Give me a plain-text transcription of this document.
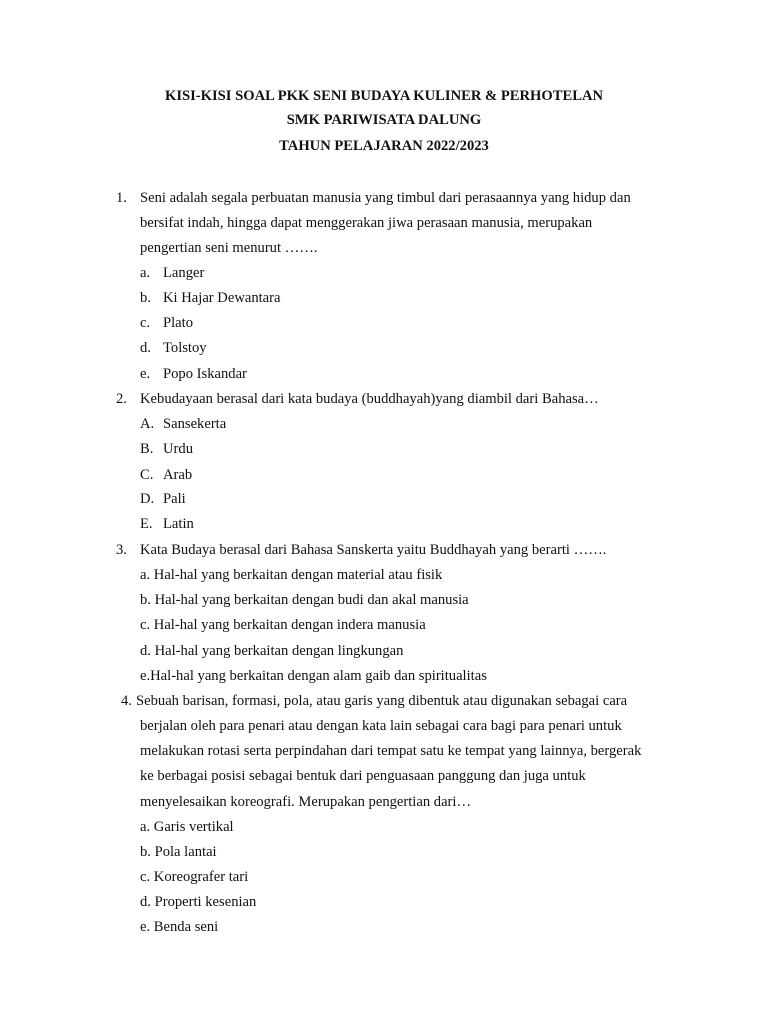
KISI-KISI SOAL PKK SENI BUDAYA KULINER & PERHOTELAN
SMK PARIWISATA DALUNG
TAHUN PELAJARAN 2022/2023
1. Seni adalah segala perbuatan manusia yang timbul dari perasaannya yang hidup dan
bersifat indah, hingga dapat menggerakan jiwa perasaan manusia, merupakan
pengertian seni menurut …….
a. Langer
b. Ki Hajar Dewantara
c. Plato
d. Tolstoy
e. Popo Iskandar
2. Kebudayaan berasal dari kata budaya (buddhayah)yang diambil dari Bahasa…
A. Sansekerta
B. Urdu
C. Arab
D. Pali
E. Latin
3. Kata Budaya berasal dari Bahasa Sanskerta yaitu Buddhayah yang berarti …….
a. Hal-hal yang berkaitan dengan material atau fisik
b. Hal-hal yang berkaitan dengan budi dan akal manusia
c. Hal-hal yang berkaitan dengan indera manusia
d. Hal-hal yang berkaitan dengan lingkungan
e.Hal-hal yang berkaitan dengan alam gaib dan spiritualitas
4. Sebuah barisan, formasi, pola, atau garis yang dibentuk atau digunakan sebagai cara
berjalan oleh para penari atau dengan kata lain sebagai cara bagi para penari untuk
melakukan rotasi serta perpindahan dari tempat satu ke tempat yang lainnya, bergerak
ke berbagai posisi sebagai bentuk dari penguasaan panggung dan juga untuk
menyelesaikan koreografi. Merupakan pengertian dari…
a. Garis vertikal
b. Pola lantai
c. Koreografer tari
d. Properti kesenian
e. Benda seni
